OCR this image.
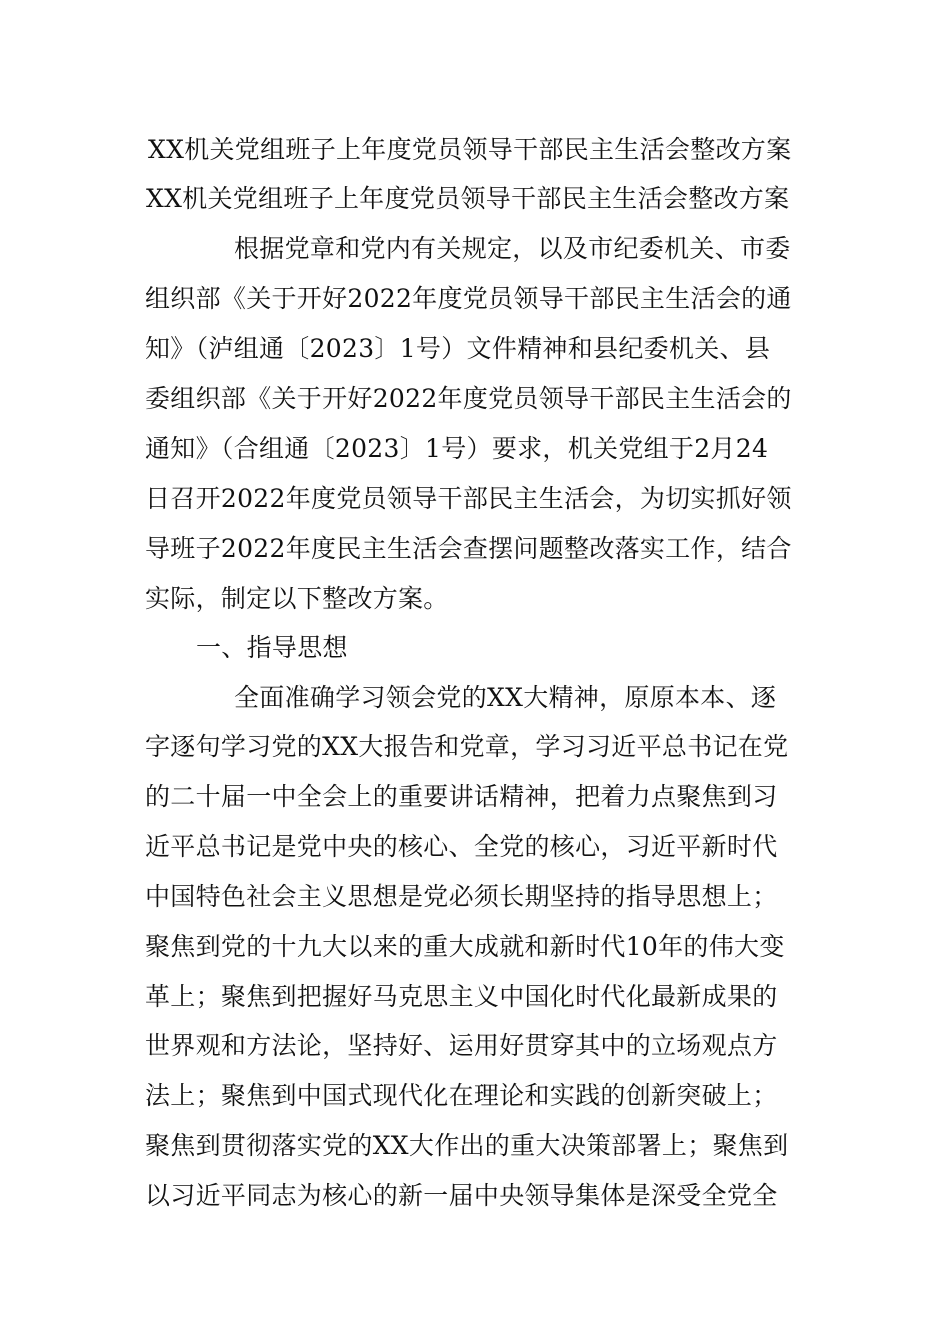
XX机关党组班子上年度党员领导干部民主生活会整改方案
XX机关党组班子上年度党员领导干部民主生活会整改方案
根据党章和党内有关规定，以及市纪委机关、市委
组织部《关于开好2022年度党员领导干部民主生活会的通
知》（泸组通〔2023〕1号）文件精神和县纪委机关、县
委组织部《关于开好2022年度党员领导干部民主生活会的
通知》（合组通〔2023〕1号）要求，机关党组于2月24
日召开2022年度党员领导干部民主生活会，为切实抓好领
导班子2022年度民主生活会查摆问题整改落实工作，结合
实际，制定以下整改方案。
一、指导思想
全面准确学习领会党的XX大精神，原原本本、逐
字逐句学习党的XX大报告和党章，学习习近平总书记在党
的二十届一中全会上的重要讲话精神，把着力点聚焦到习
近平总书记是党中央的核心、全党的核心，习近平新时代
中国特色社会主义思想是党必须长期坚持的指导思想上；
聚焦到党的十九大以来的重大成就和新时代10年的伟大变
革上；聚焦到把握好马克思主义中国化时代化最新成果的
世界观和方法论，坚持好、运用好贯穿其中的立场观点方
法上；聚焦到中国式现代化在理论和实践的创新突破上；
聚焦到贯彻落实党的XX大作出的重大决策部署上；聚焦到
以习近平同志为核心的新一届中央领导集体是深受全党全
